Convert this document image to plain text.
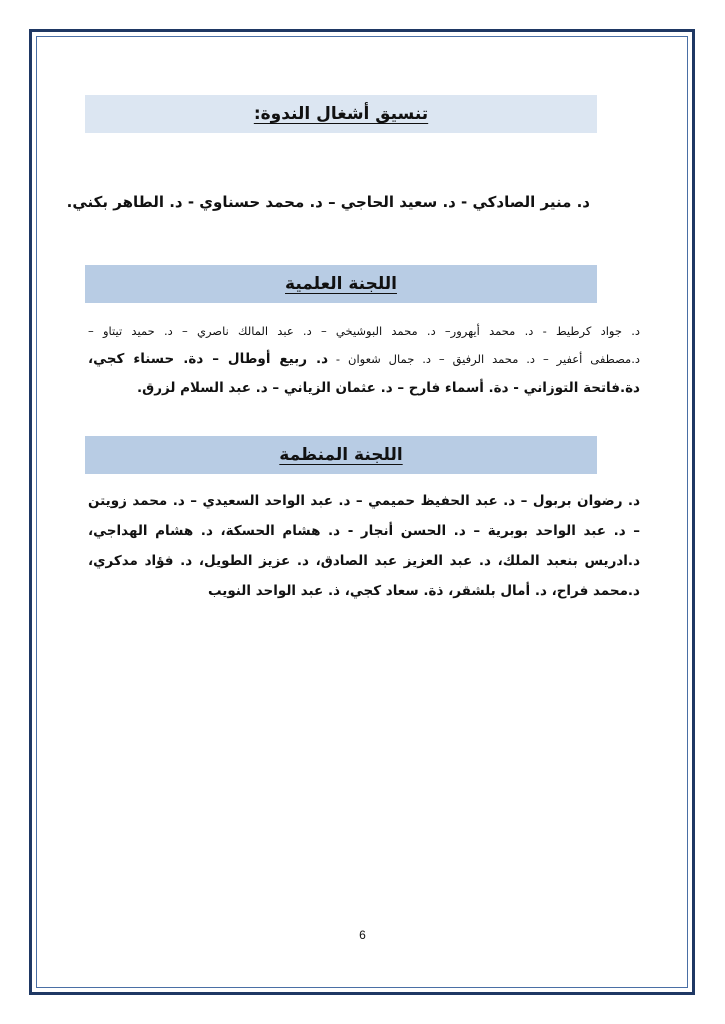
تنسيق أشغال الندوة:
د. منير الصادكي - د. سعيد الحاجي – د. محمد حسناوي - د. الطاهر بكني.
اللجنة العلمية
د. جواد كرطيط - د. محمد أيهرور– د. محمد البوشيخي – د. عبد المالك ناصري – د. حميد تيتاو –
د.مصطفى أعفير – د. محمد الرفيق – د. جمال شعوان - د. ربيع أوطال – دة. حسناء كجي،
دة.فاتحة التوزاني - دة. أسماء فارح – د. عثمان الزياني – د. عبد السلام لزرق.
اللجنة المنظمة
د. رضوان بربول – د. عبد الحفيظ حميمي – د. عبد الواحد السعيدي – د. محمد زويتن
– د. عبد الواحد بوبرية – د. الحسن أنجار - د. هشام الحسكة، د. هشام الهداجي،
د.ادريس بنعبد الملك، د. عبد العزيز عبد الصادق، د. عزيز الطويل، د. فؤاد مدكري،
د.محمد فراح، د. أمال بلشقر، ذة. سعاد كجي، ذ. عبد الواحد النويب
6
